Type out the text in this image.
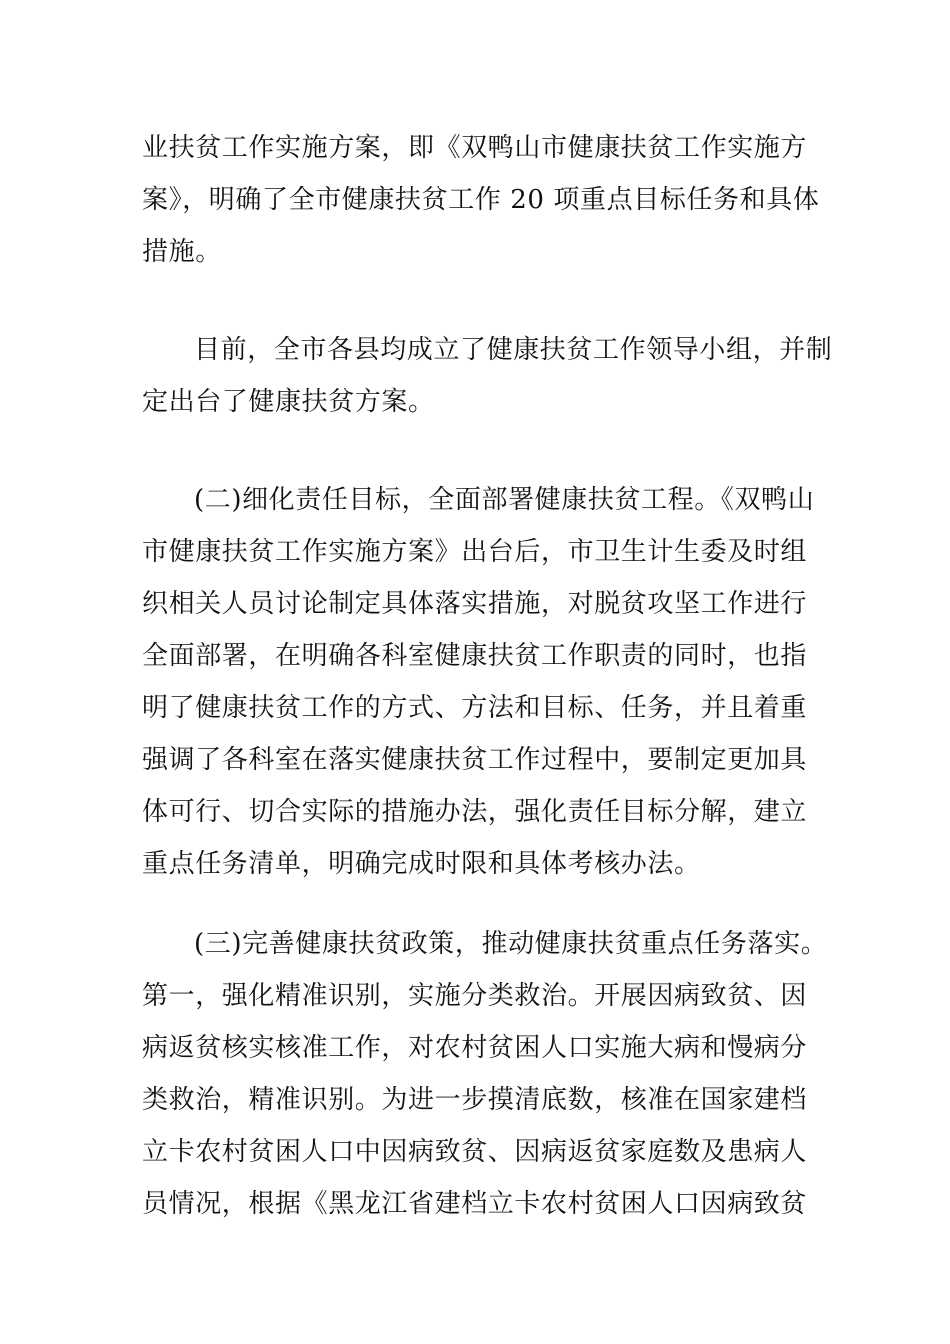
业扶贫工作实施方案，即《双鸭山市健康扶贫工作实施方
案》，明确了全市健康扶贫工作 20 项重点目标任务和具体
措施。
目前，全市各县均成立了健康扶贫工作领导小组，并制
定出台了健康扶贫方案。
(二)细化责任目标，全面部署健康扶贫工程。《双鸭山
市健康扶贫工作实施方案》出台后，市卫生计生委及时组
织相关人员讨论制定具体落实措施，对脱贫攻坚工作进行
全面部署，在明确各科室健康扶贫工作职责的同时，也指
明了健康扶贫工作的方式、方法和目标、任务，并且着重
强调了各科室在落实健康扶贫工作过程中，要制定更加具
体可行、切合实际的措施办法，强化责任目标分解，建立
重点任务清单，明确完成时限和具体考核办法。
(三)完善健康扶贫政策，推动健康扶贫重点任务落实。
第一，强化精准识别，实施分类救治。开展因病致贫、因
病返贫核实核准工作，对农村贫困人口实施大病和慢病分
类救治，精准识别。为进一步摸清底数，核准在国家建档
立卡农村贫困人口中因病致贫、因病返贫家庭数及患病人
员情况，根据《黑龙江省建档立卡农村贫困人口因病致贫
